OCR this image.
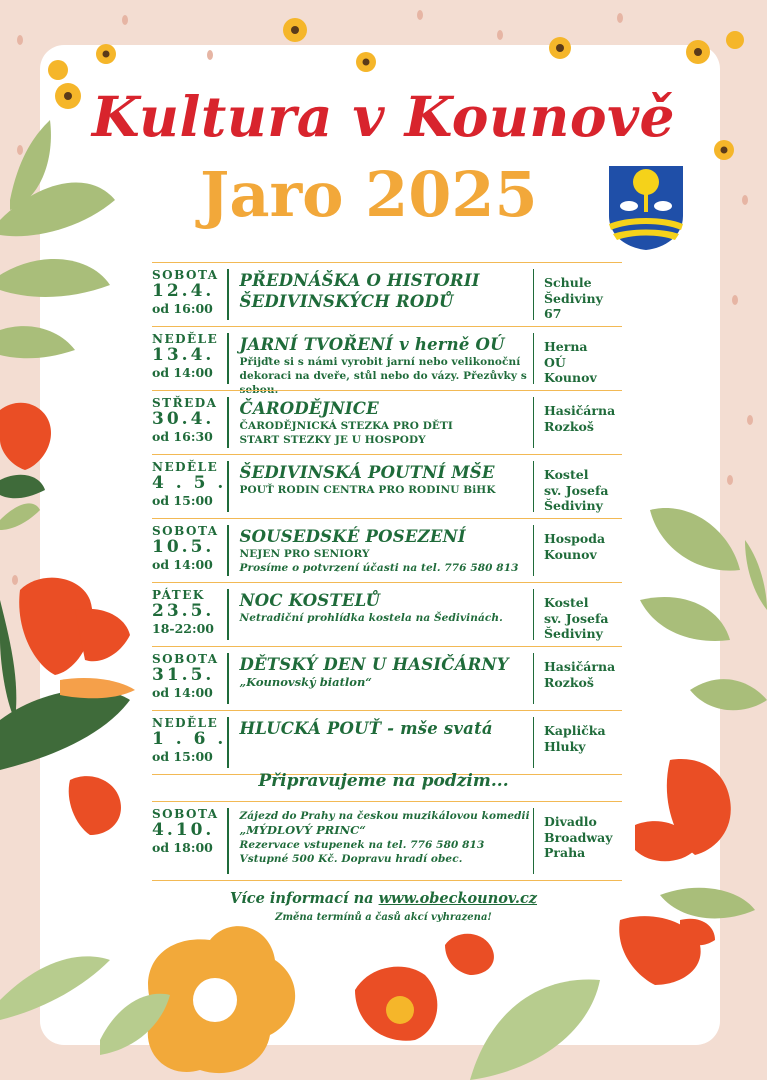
Kultura v Kounově
Jaro 2025
SOBOTA
12.4.
od 16:00
PŘEDNÁŠKA O HISTORII
ŠEDIVINSKÝCH RODŮ
Schule
Šediviny 67
NEDĚLE
13.4.
od 14:00
JARNÍ TVOŘENÍ v herně OÚ
Přijďte si s námi vyrobit jarní nebo velikonoční
dekoraci na dveře, stůl nebo do vázy. Přezůvky s sebou.
Herna
OÚ
Kounov
STŘEDA
30.4.
od 16:30
ČARODĚJNICE
ČARODĚJNICKÁ STEZKA PRO DĚTI
START STEZKY JE U HOSPODY
Hasičárna
Rozkoš
NEDĚLE
4 . 5 .
od 15:00
ŠEDIVINSKÁ POUTNÍ MŠE
POUŤ RODIN CENTRA PRO RODINU BiHK
Kostel
sv. Josefa
Šediviny
SOBOTA
10.5.
od 14:00
SOUSEDSKÉ POSEZENÍ
NEJEN PRO SENIORY
Prosíme o potvrzení účasti na tel. 776 580 813
Hospoda
Kounov
PÁTEK
23.5.
18-22:00
NOC KOSTELŮ
Netradiční prohlídka kostela na Šedivinách.
Kostel
sv. Josefa
Šediviny
SOBOTA
31.5.
od 14:00
DĚTSKÝ DEN U HASIČÁRNY
„Kounovský biatlon“
Hasičárna
Rozkoš
NEDĚLE
1 . 6 .
od 15:00
HLUCKÁ POUŤ - mše svatá	Kaplička
Hluky

Připravujeme na podzim...

SOBOTA
4.10.
od 18:00
Zájezd do Prahy na českou muzikálovou komedii
„MÝDLOVÝ PRINC“
Rezervace vstupenek na tel. 776 580 813
Vstupné 500 Kč. Dopravu hradí obec.
Divadlo
Broadway
Praha

Více informací na www.obeckounov.cz

Změna termínů a časů akcí vyhrazena!
